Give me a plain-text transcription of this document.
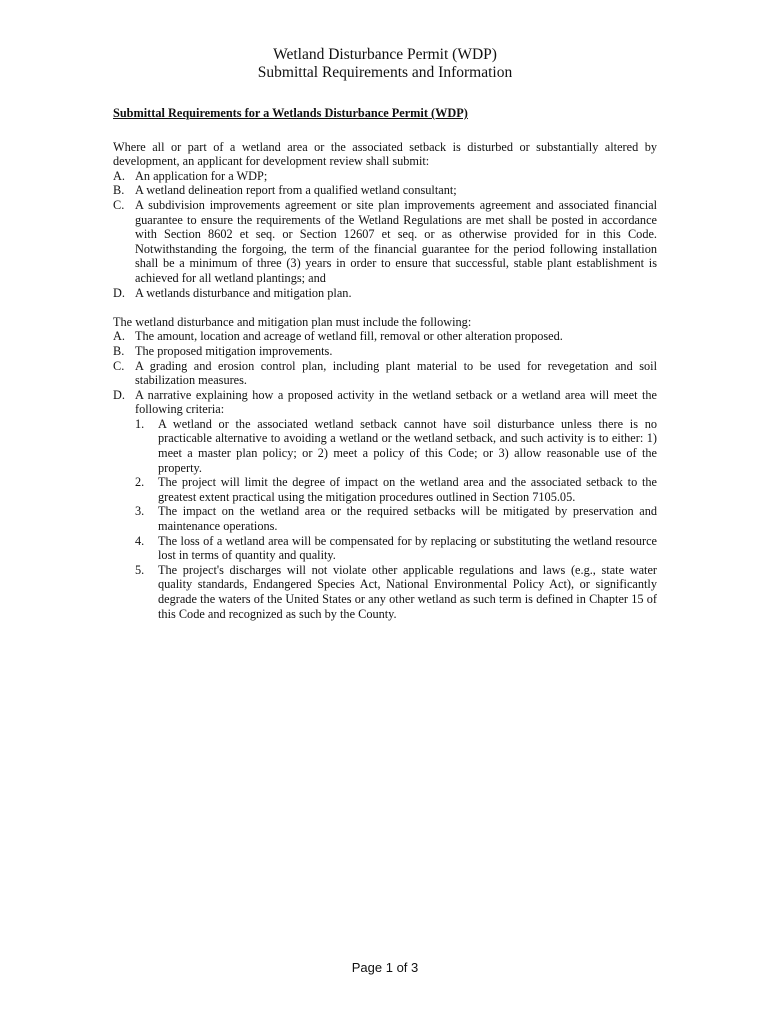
Wetland Disturbance Permit (WDP)
Submittal Requirements and Information

Submittal Requirements for a Wetlands Disturbance Permit (WDP)

Where all or part of a wetland area or the associated setback is disturbed or substantially altered by development, an applicant for development review shall submit:

A. An application for a WDP;
B. A wetland delineation report from a qualified wetland consultant;
C. A subdivision improvements agreement or site plan improvements agreement and associated financial guarantee to ensure the requirements of the Wetland Regulations are met shall be posted in accordance with Section 8602 et seq. or Section 12607 et seq. or as otherwise provided for in this Code. Notwithstanding the forgoing, the term of the financial guarantee for the period following installation shall be a minimum of three (3) years in order to ensure that successful, stable plant establishment is achieved for all wetland plantings; and
D. A wetlands disturbance and mitigation plan.

The wetland disturbance and mitigation plan must include the following:

A. The amount, location and acreage of wetland fill, removal or other alteration proposed.
B. The proposed mitigation improvements.
C. A grading and erosion control plan, including plant material to be used for revegetation and soil stabilization measures.
D. A narrative explaining how a proposed activity in the wetland setback or a wetland area will meet the following criteria:
1.	A wetland or the associated wetland setback cannot have soil disturbance unless there is no practicable alternative to avoiding a wetland or the wetland setback, and such activity is to either: 1) meet a master plan policy; or 2) meet a policy of this Code; or 3) allow reasonable use of the property.
2.	The project will limit the degree of impact on the wetland area and the associated setback to the greatest extent practical using the mitigation procedures outlined in Section 7105.05.
3.	The impact on the wetland area or the required setbacks will be mitigated by preservation and maintenance operations.
4.	The loss of a wetland area will be compensated for by replacing or substituting the wetland resource lost in terms of quantity and quality.
5.	The project's discharges will not violate other applicable regulations and laws (e.g., state water quality standards, Endangered Species Act, National Environmental Policy Act), or significantly degrade the waters of the United States or any other wetland as such term is defined in Chapter 15 of this Code and recognized as such by the County.
Page 1 of 3
